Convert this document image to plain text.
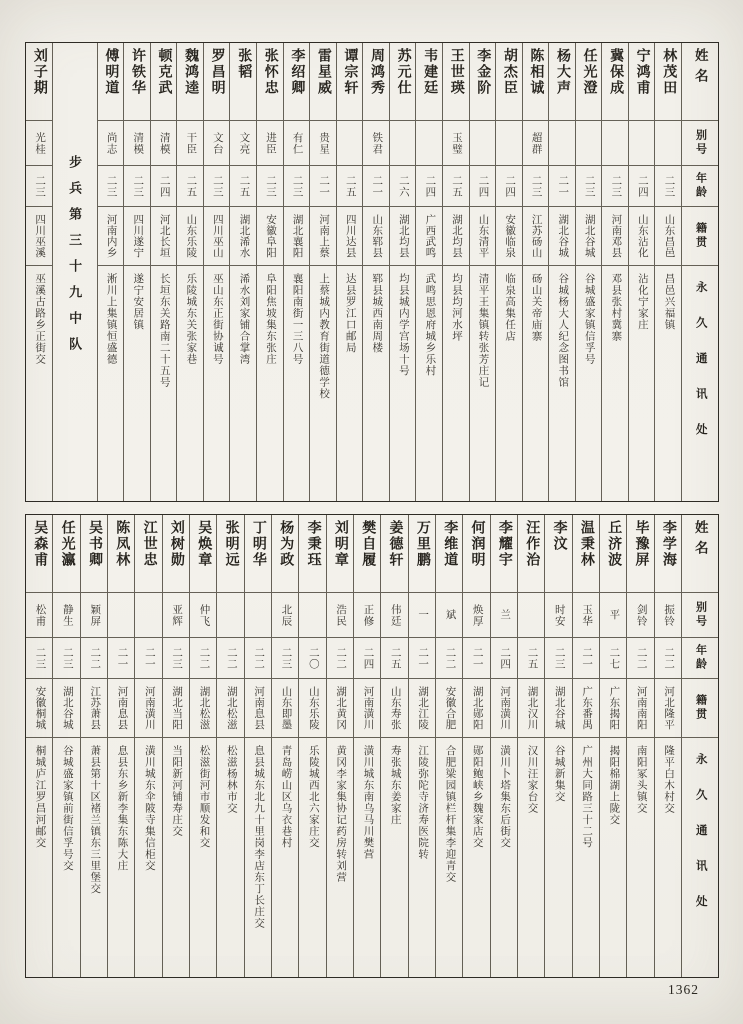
姓名
别号
年龄
籍贯
永久通讯处
林茂田
二三
山东昌邑
昌邑兴福镇
宁鸿甫
二四
山东沾化
沾化宁家庄
冀保成
二三
河南邓县
邓县张村冀寨
任光澄
二三
湖北谷城
谷城盛家镇信孚号
杨大声
二一
湖北谷城
谷城杨大人纪念图书馆
陈相诚
超群
二三
江苏砀山
砀山关帝庙寨
胡杰臣
二四
安徽临泉
临泉高集任店
李金阶
二四
山东清平
清平王集镇转张芳庄记
王世瑛
玉璧
二五
湖北均县
均县均河水坪
韦建廷
二四
广西武鸣
武鸣思恩府城乡乐村
苏元仕
二六
湖北均县
均县城内学宫场十号
周鸿秀
铁君
二一
山东郓县
郓县城西南周楼
谭宗轩
二五
四川达县
达县罗江口邮局
雷星威
贵星
二一
河南上蔡
上蔡城内教育街道德学校
李绍卿
有仁
二三
湖北襄阳
襄阳南街一三八号
张怀忠
进臣
二三
安徽阜阳
阜阳焦坡集东张庄
张韬
文亮
二五
湖北浠水
浠水刘家铺合掌湾
罗昌明
文台
二三
四川巫山
巫山东正街协诚号
魏鸿逵
干臣
二五
山东乐陵
乐陵城东关张家巷
顿克武
清模
二四
河北长垣
长垣东关路南二十五号
许铁华
清模
二三
四川遂宁
遂宁安居镇
傅明道
尚志
二三
河南内乡
淅川上集镇恒盛德
步兵第三十九中队
刘子期
光桂
二三
四川巫溪
巫溪古路乡正街交
姓名
别号
年龄
籍贯
永久通讯处
李学海
振铃
二二
河北隆平
隆平白木村交
毕豫屏
剑铃
二二
河南南阳
南阳冢头镇交
丘济波
平
二七
广东揭阳
揭阳棉湖上陇交
温秉林
玉华
二一
广东番禺
广州大同路三十二号
李汶
时安
二三
湖北谷城
谷城新集交
汪作治
二五
湖北汉川
汉川汪家台交
李耀宇
兰
二四
河南潢川
潢川卜塔集东后街交
何润明
焕厚
二一
湖北郧阳
郧阳鲍峡乡魏家店交
李维道
斌
二二
安徽合肥
合肥梁园镇栏杆集李迎青交
万里鹏
一
二一
湖北江陵
江陵弥陀寺济寿医院转
姜德轩
伟廷
二五
山东寿张
寿张城东姜家庄
樊自履
正修
二四
河南潢川
潢川城东南乌马川樊营
刘明章
浩民
二二
湖北黄冈
黄冈李家集协记药房转刘营
李秉珏
二〇
山东乐陵
乐陵城西北六家庄交
杨为政
北辰
二三
山东即墨
青岛崂山区乌衣巷村
丁明华
二二
河南息县
息县城东北九十里岗李店东丁长庄交
张明远
二二
湖北松滋
松滋杨林市交
吴焕章
仲飞
二二
湖北松滋
松滋街河市顺发和交
刘树勋
亚辉
二三
湖北当阳
当阳新河铺寿庄交
江世忠
二一
河南潢川
潢川城东伞陂寺集信柜交
陈凤林
二一
河南息县
息县东乡新李集东陈大庄
吴书卿
颖屏
二二
江苏萧县
萧县第十区褚兰镇东三里堡交
任光瀛
静生
二三
湖北谷城
谷城盛家镇前街信孚号交
吴森甫
松甫
二三
安徽桐城
桐城庐江罗昌河邮交
1362
